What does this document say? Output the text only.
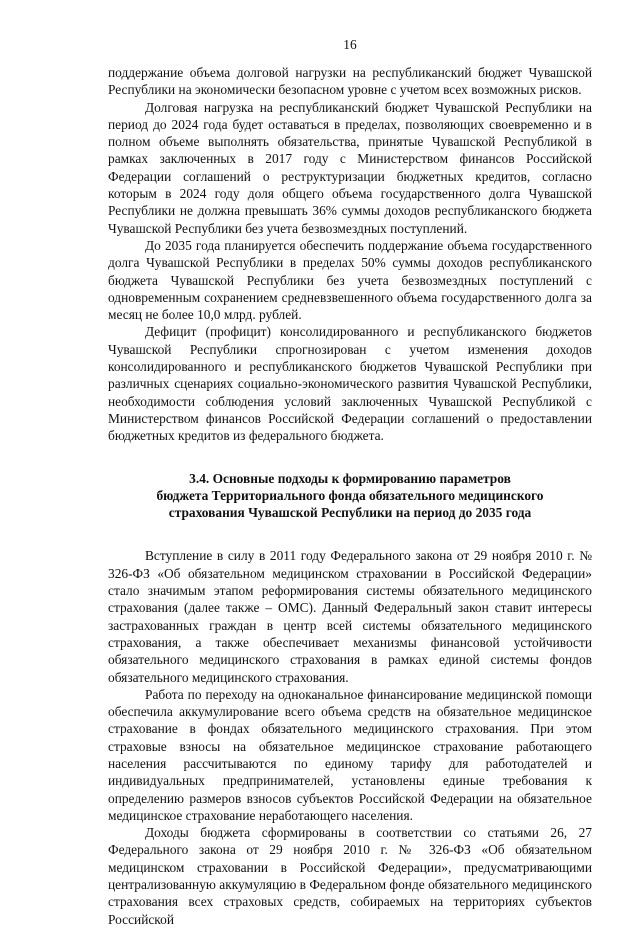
16

поддержание объема долговой нагрузки на республиканский бюджет Чувашской Республики на экономически безопасном уровне с учетом всех возможных рисков.

Долговая нагрузка на республиканский бюджет Чувашской Республики на период до 2024 года будет оставаться в пределах, позволяющих своевременно и в полном объеме выполнять обязательства, принятые Чувашской Республикой в рамках заключенных в 2017 году с Министерством финансов Российской Федерации соглашений о реструктуризации бюджетных кредитов, согласно которым в 2024 году доля общего объема государственного долга Чувашской Республики не должна превышать 36% суммы доходов республиканского бюджета Чувашской Республики без учета безвозмездных поступлений.

До 2035 года планируется обеспечить поддержание объема государственного долга Чувашской Республики в пределах 50% суммы доходов республиканского бюджета Чувашской Республики без учета безвозмездных поступлений с одновременным сохранением средневзвешенного объема государственного долга за месяц не более 10,0 млрд. рублей.

Дефицит (профицит) консолидированного и республиканского бюджетов Чувашской Республики спрогнозирован с учетом изменения доходов консолидированного и республиканского бюджетов Чувашской Республики при различных сценариях социально-экономического развития Чувашской Республики, необходимости соблюдения условий заключенных Чувашской Республикой с Министерством финансов Российской Федерации соглашений о предоставлении бюджетных кредитов из федерального бюджета.

3.4. Основные подходы к формированию параметров
бюджета Территориального фонда обязательного медицинского
страхования Чувашской Республики на период до 2035 года

Вступление в силу в 2011 году Федерального закона от 29 ноября 2010 г. № 326-ФЗ «Об обязательном медицинском страховании в Российской Федерации» стало значимым этапом реформирования системы обязательного медицинского страхования (далее также – ОМС). Данный Федеральный закон ставит интересы застрахованных граждан в центр всей системы обязательного медицинского страхования, а также обеспечивает механизмы финансовой устойчивости обязательного медицинского страхования в рамках единой системы фондов обязательного медицинского страхования.

Работа по переходу на одноканальное финансирование медицинской помощи обеспечила аккумулирование всего объема средств на обязательное медицинское страхование в фондах обязательного медицинского страхования. При этом страховые взносы на обязательное медицинское страхование работающего населения рассчитываются по единому тарифу для работодателей и индивидуальных предпринимателей, установлены единые требования к определению размеров взносов субъектов Российской Федерации на обязательное медицинское страхование неработающего населения.

Доходы бюджета сформированы в соответствии со статьями 26, 27 Федерального закона от 29 ноября 2010 г. № 326-ФЗ «Об обязательном медицинском страховании в Российской Федерации», предусматривающими централизованную аккумуляцию в Федеральном фонде обязательного медицинского страхования всех страховых средств, собираемых на территориях субъектов Российской
